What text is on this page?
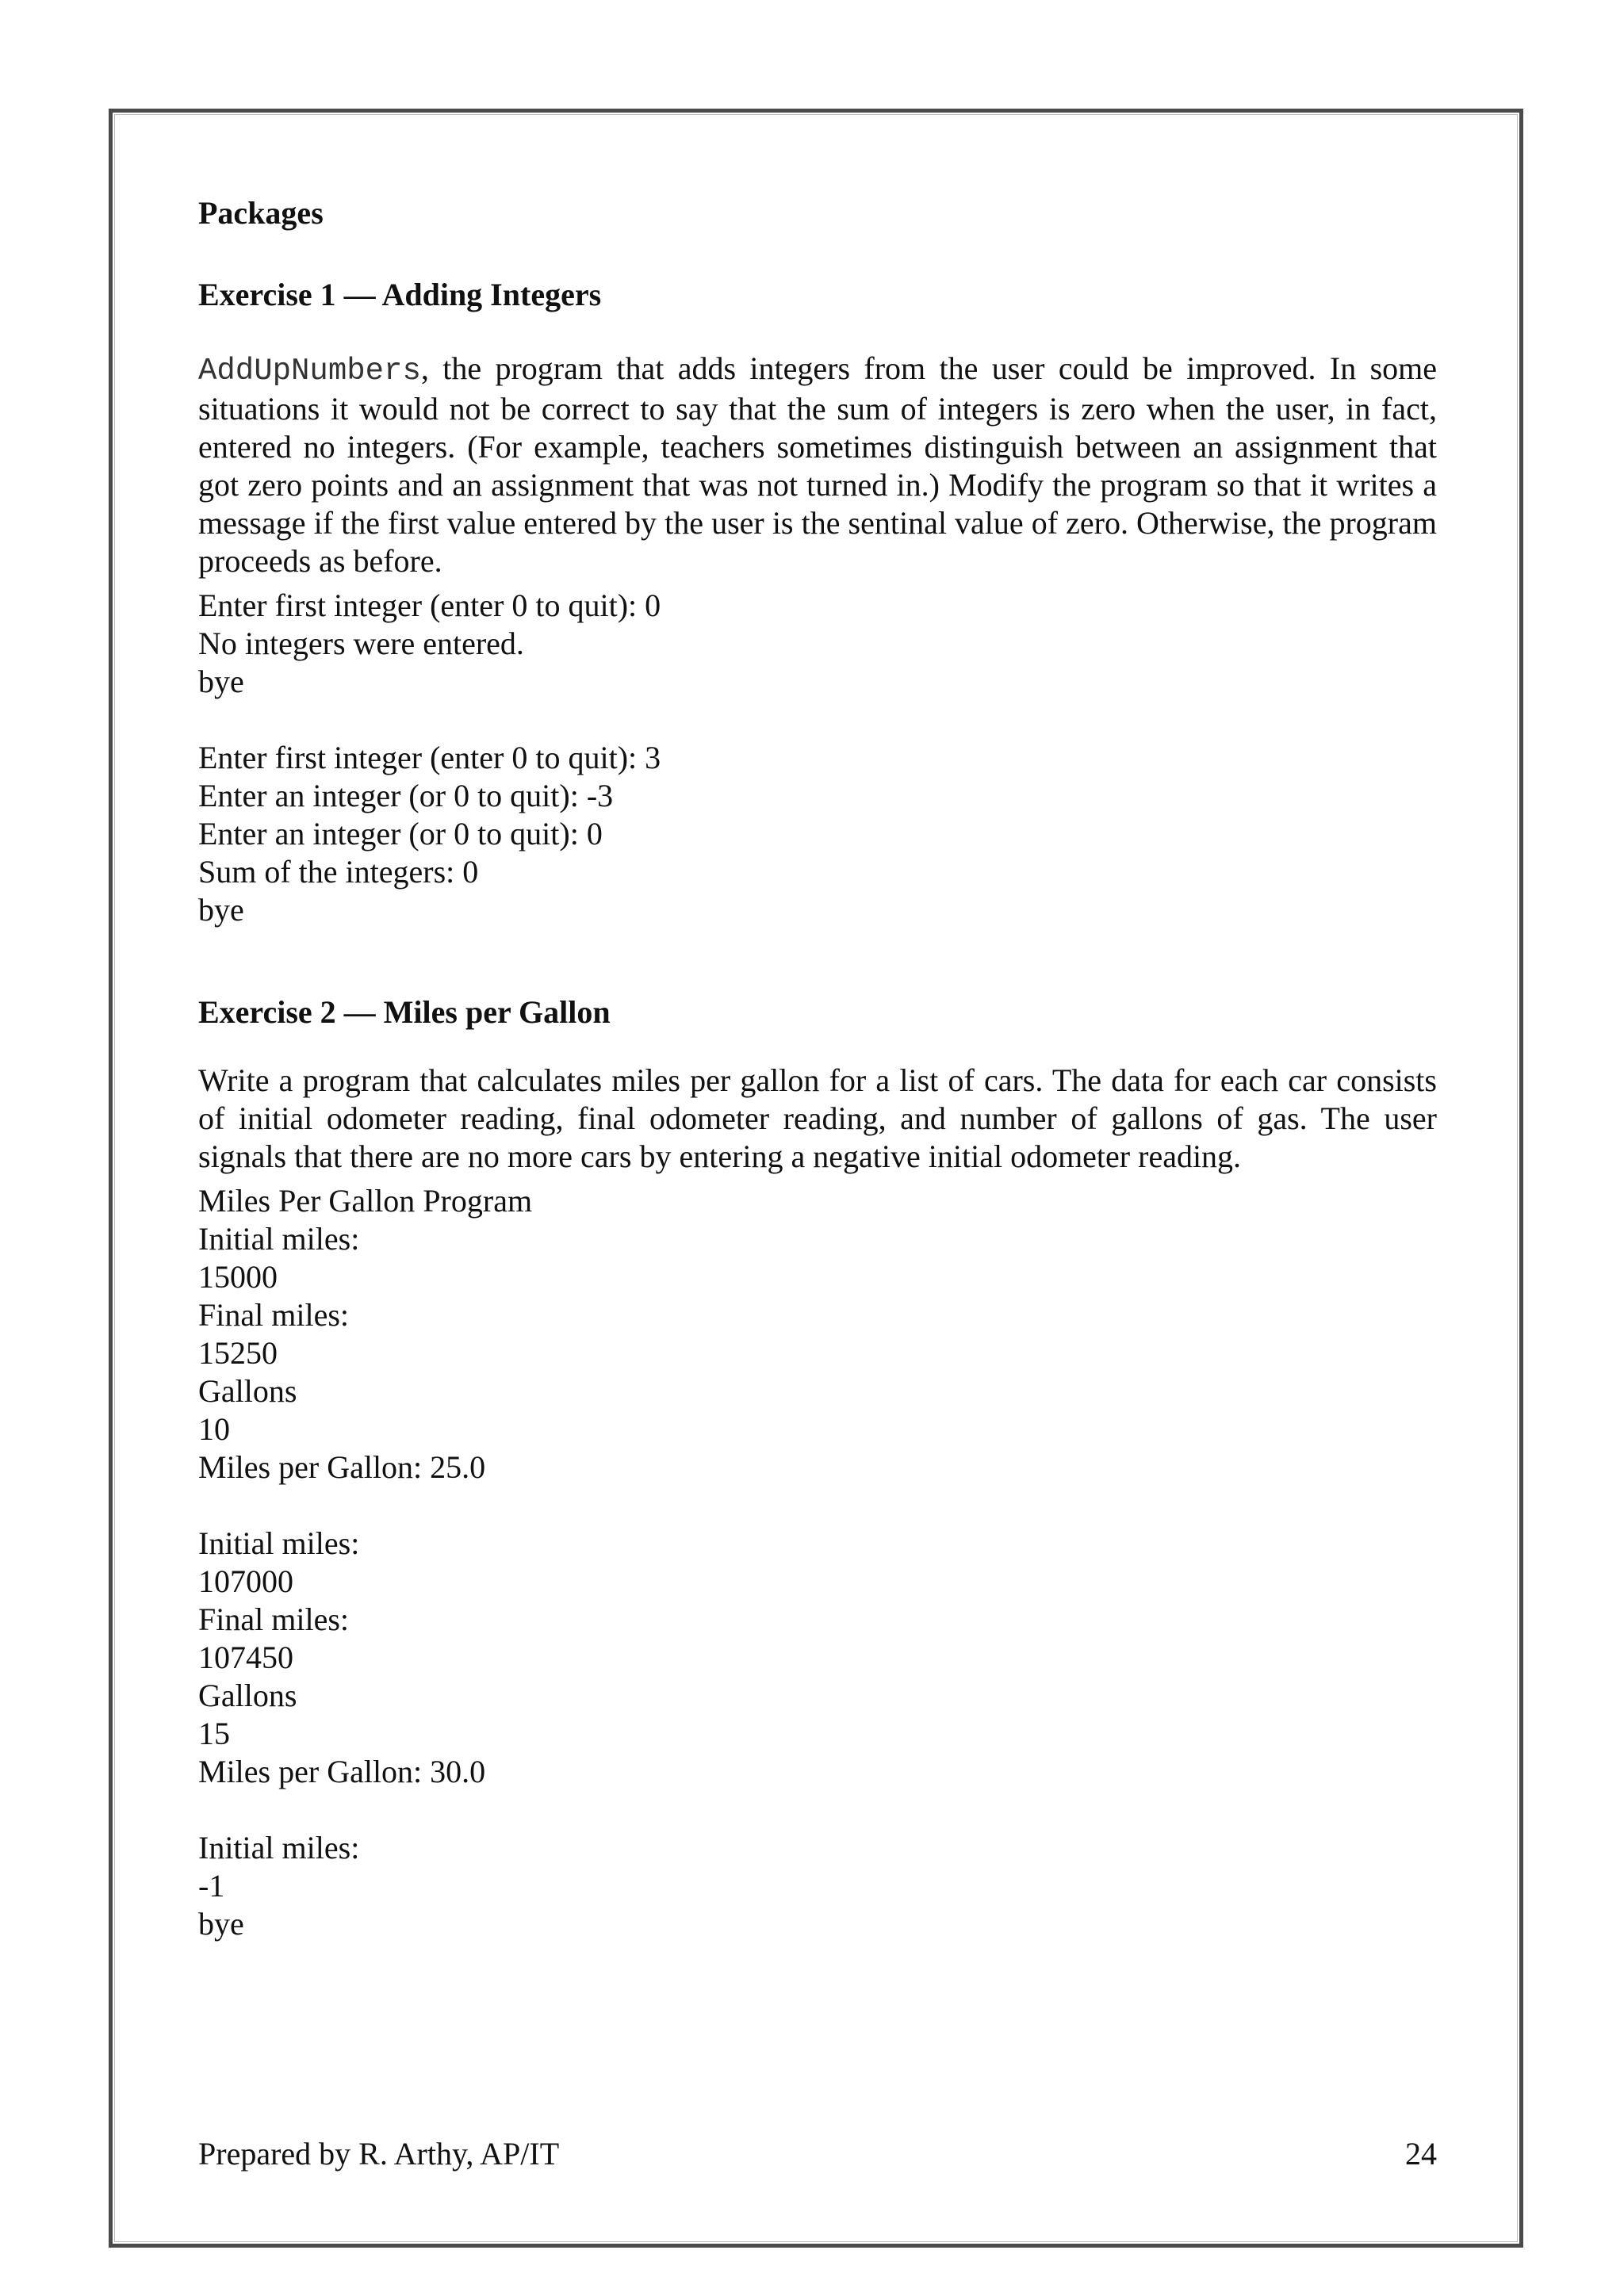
Packages

Exercise 1 — Adding Integers

AddUpNumbers, the program that adds integers from the user could be improved. In some situations it would not be correct to say that the sum of integers is zero when the user, in fact, entered no integers. (For example, teachers sometimes distinguish between an assignment that got zero points and an assignment that was not turned in.) Modify the program so that it writes a message if the first value entered by the user is the sentinal value of zero. Otherwise, the program proceeds as before.

Enter first integer (enter 0 to quit): 0
No integers were entered.
bye
Enter first integer (enter 0 to quit): 3
Enter an integer (or 0 to quit): -3
Enter an integer (or 0 to quit): 0
Sum of the integers: 0
bye

Exercise 2 — Miles per Gallon

Write a program that calculates miles per gallon for a list of cars. The data for each car consists of initial odometer reading, final odometer reading, and number of gallons of gas. The user signals that there are no more cars by entering a negative initial odometer reading.

Miles Per Gallon Program
Initial miles:
15000
Final miles:
15250
Gallons
10
Miles per Gallon: 25.0
Initial miles:
107000
Final miles:
107450
Gallons
15
Miles per Gallon: 30.0
Initial miles:
-1
bye
Prepared by R. Arthy, AP/IT	24
